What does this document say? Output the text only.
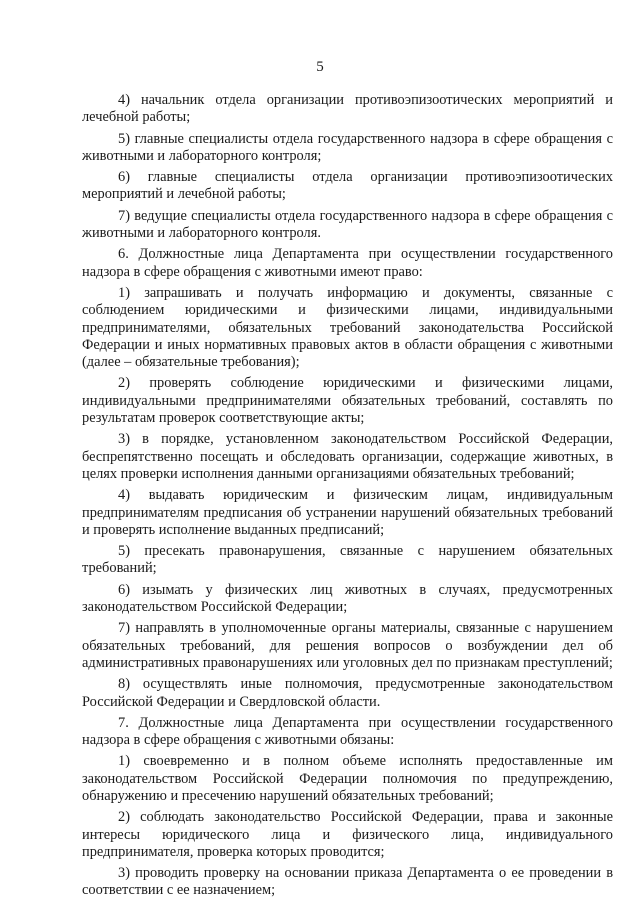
5

4) начальник отдела организации противоэпизоотических мероприятий и лечебной работы;

5) главные специалисты отдела государственного надзора в сфере обращения с животными и лабораторного контроля;

6) главные специалисты отдела организации противоэпизоотических мероприятий и лечебной работы;

7) ведущие специалисты отдела государственного надзора в сфере обращения с животными и лабораторного контроля.

6. Должностные лица Департамента при осуществлении государственного надзора в сфере обращения с животными имеют право:

1) запрашивать и получать информацию и документы, связанные с соблюдением юридическими и физическими лицами, индивидуальными предпринимателями, обязательных требований законодательства Российской Федерации и иных нормативных правовых актов в области обращения с животными (далее – обязательные требования);

2) проверять соблюдение юридическими и физическими лицами, индивидуальными предпринимателями обязательных требований, составлять по результатам проверок соответствующие акты;

3) в порядке, установленном законодательством Российской Федерации, беспрепятственно посещать и обследовать организации, содержащие животных, в целях проверки исполнения данными организациями обязательных требований;

4) выдавать юридическим и физическим лицам, индивидуальным предпринимателям предписания об устранении нарушений обязательных требований и проверять исполнение выданных предписаний;

5) пресекать правонарушения, связанные с нарушением обязательных требований;

6) изымать у физических лиц животных в случаях, предусмотренных законодательством Российской Федерации;

7) направлять в уполномоченные органы материалы, связанные с нарушением обязательных требований, для решения вопросов о возбуждении дел об административных правонарушениях или уголовных дел по признакам преступлений;

8) осуществлять иные полномочия, предусмотренные законодательством Российской Федерации и Свердловской области.

7. Должностные лица Департамента при осуществлении государственного надзора в сфере обращения с животными обязаны:

1) своевременно и в полном объеме исполнять предоставленные им законодательством Российской Федерации полномочия по предупреждению, обнаружению и пресечению нарушений обязательных требований;

2) соблюдать законодательство Российской Федерации, права и законные интересы юридического лица и физического лица, индивидуального предпринимателя, проверка которых проводится;

3) проводить проверку на основании приказа Департамента о ее проведении в соответствии с ее назначением;
